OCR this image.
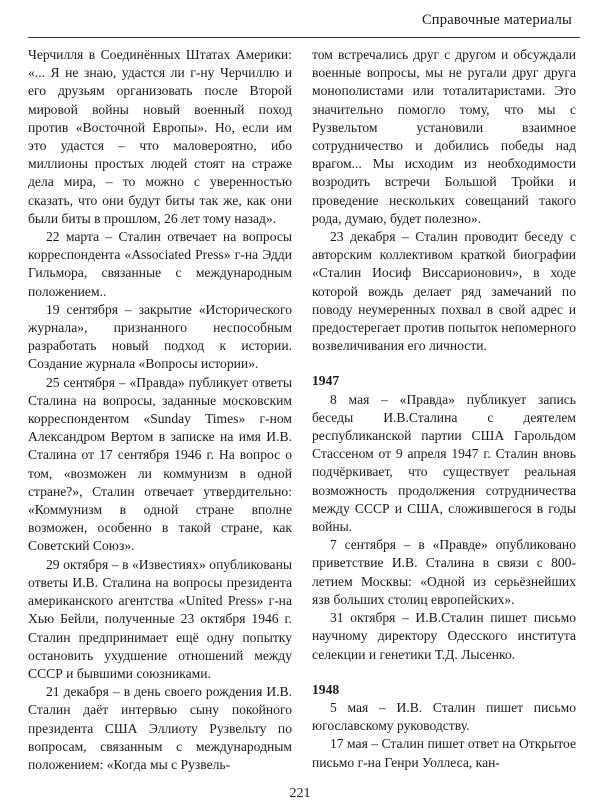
Справочные материалы

Черчилля в Соединённых Штатах Америки: «... Я не знаю, удастся ли г-ну Черчиллю и его друзьям организовать после Второй мировой войны новый военный поход против «Восточной Европы». Но, если им это удастся – что маловероятно, ибо миллионы простых людей стоят на страже дела мира, – то можно с уверенностью сказать, что они будут биты так же, как они были биты в прошлом, 26 лет тому назад».

22 марта – Сталин отвечает на вопросы корреспондента «Associated Press» г-на Эдди Гильмора, связанные с международным положением..

19 сентября – закрытие «Исторического журнала», признанного неспособным разработать новый подход к истории. Создание журнала «Вопросы истории».

25 сентября – «Правда» публикует ответы Сталина на вопросы, заданные московским корреспондентом «Sunday Times» г-ном Александром Вертом в записке на имя И.В. Сталина от 17 сентября 1946 г. На вопрос о том, «возможен ли коммунизм в одной стране?», Сталин отвечает утвердительно: «Коммунизм в одной стране вполне возможен, особенно в такой стране, как Советский Союз».

29 октября – в «Известиях» опубликованы ответы И.В. Сталина на вопросы президента американского агентства «United Press» г-на Хью Бейли, полученные 23 октября 1946 г. Сталин предпринимает ещё одну попытку остановить ухудшение отношений между СССР и бывшими союзниками.

21 декабря – в день своего рождения И.В. Сталин даёт интервью сыну покойного президента США Эллиоту Рузвельту по вопросам, связанным с международным положением: «Когда мы с Рузвель-

том встречались друг с другом и обсуждали военные вопросы, мы не ругали друг друга монополистами или тоталитаристами. Это значительно помогло тому, что мы с Рузвельтом установили взаимное сотрудничество и добились победы над врагом... Мы исходим из необходимости возродить встречи Большой Тройки и проведение нескольких совещаний такого рода, думаю, будет полезно».

23 декабря – Сталин проводит беседу с авторским коллективом краткой биографии «Сталин Иосиф Виссарионович», в ходе которой вождь делает ряд замечаний по поводу неумеренных похвал в свой адрес и предостерегает против попыток непомерного возвеличивания его личности.

1947

8 мая – «Правда» публикует запись беседы И.В.Сталина с деятелем республиканской партии США Гарольдом Стассеном от 9 апреля 1947 г. Сталин вновь подчёркивает, что существует реальная возможность продолжения сотрудничества между СССР и США, сложившегося в годы войны.

7 сентября – в «Правде» опубликовано приветствие И.В. Сталина в связи с 800-летием Москвы: «Одной из серьёзнейших язв больших столиц европейских».

31 октября – И.В.Сталин пишет письмо научному директору Одесского института селекции и генетики Т.Д. Лысенко.

1948

5 мая – И.В. Сталин пишет письмо югославскому руководству.

17 мая – Сталин пишет ответ на Открытое письмо г-на Генри Уоллеса, кан-

221
